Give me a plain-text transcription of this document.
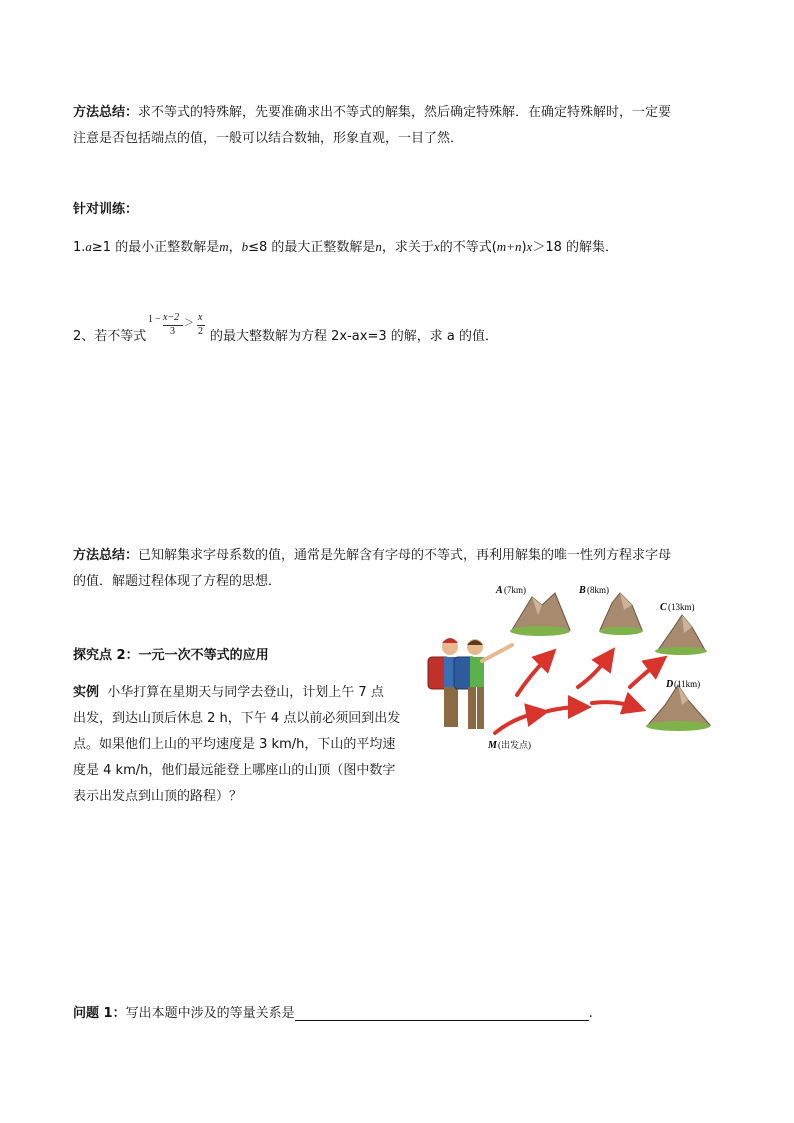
方法总结：求不等式的特殊解，先要准确求出不等式的解集，然后确定特殊解．在确定特殊解时，一定要
注意是否包括端点的值，一般可以结合数轴，形象直观，一目了然．
针对训练：
1.a≥1 的最小正整数解是m，b≤8 的最大正整数解是n，求关于x的不等式(m+n)x＞18 的解集．
2、若不等式
1 − x−2
3
＞
x
2 的最大整数解为方程 2x-ax=3 的解，求 a 的值．
方法总结：已知解集求字母系数的值，通常是先解含有字母的不等式，再利用解集的唯一性列方程求字母
的值．解题过程体现了方程的思想．
探究点 2：一元一次不等式的应用
实例 小华打算在星期天与同学去登山，计划上午 7 点
出发，到达山顶后休息 2 h，下午 4 点以前必须回到出发
点。如果他们上山的平均速度是 3 km/h，下山的平均速
度是 4 km/h，他们最远能登上哪座山的山顶（图中数字
表示出发点到山顶的路程）？
A (7km)	B (8km)
C (13km)
D (11km)
M (出发点)
问题 1：写出本题中涉及的等量关系是	.
